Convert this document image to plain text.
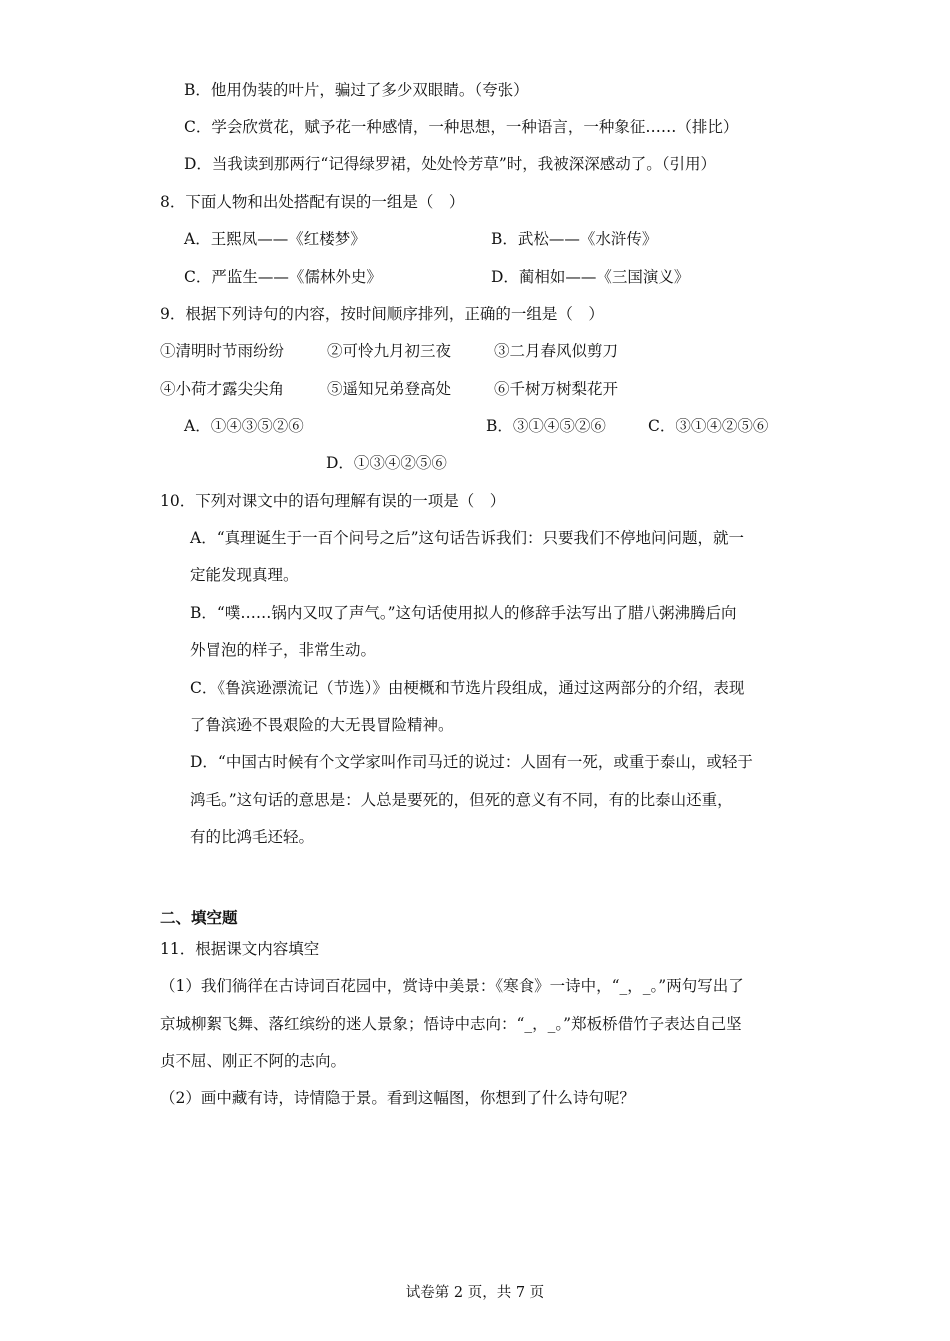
B．他用伪装的叶片，骗过了多少双眼睛。（夸张）
C．学会欣赏花，赋予花一种感情，一种思想，一种语言，一种象征……（排比）
D．当我读到那两行“记得绿罗裙，处处怜芳草”时，我被深深感动了。（引用）
8．下面人物和出处搭配有误的一组是（　）
A．王熙凤——《红楼梦》	B．武松——《水浒传》
C．严监生——《儒林外史》	D．蔺相如——《三国演义》
9．根据下列诗句的内容，按时间顺序排列，正确的一组是（　）
①清明时节雨纷纷	②可怜九月初三夜	③二月春风似剪刀
④小荷才露尖尖角	⑤遥知兄弟登高处	⑥千树万树梨花开
A．①④③⑤②⑥	B．③①④⑤②⑥	C．③①④②⑤⑥
D．①③④②⑤⑥
10．下列对课文中的语句理解有误的一项是（　）
A．“真理诞生于一百个问号之后”这句话告诉我们：只要我们不停地问问题，就一
定能发现真理。
B．“噗……锅内又叹了声气。”这句话使用拟人的修辞手法写出了腊八粥沸腾后向
外冒泡的样子，非常生动。
C．《鲁滨逊漂流记（节选）》由梗概和节选片段组成，通过这两部分的介绍，表现
了鲁滨逊不畏艰险的大无畏冒险精神。
D．“中国古时候有个文学家叫作司马迁的说过：人固有一死，或重于泰山，或轻于
鸿毛。”这句话的意思是：人总是要死的，但死的意义有不同，有的比泰山还重，
有的比鸿毛还轻。
二、填空题
11．根据课文内容填空
（1）我们徜徉在古诗词百花园中，赏诗中美景：《寒食》一诗中，“_，_。”两句写出了
京城柳絮飞舞、落红缤纷的迷人景象；悟诗中志向：“_，_。”郑板桥借竹子表达自己坚
贞不屈、刚正不阿的志向。
（2）画中藏有诗，诗情隐于景。看到这幅图，你想到了什么诗句呢？
试卷第 2 页，共 7 页
